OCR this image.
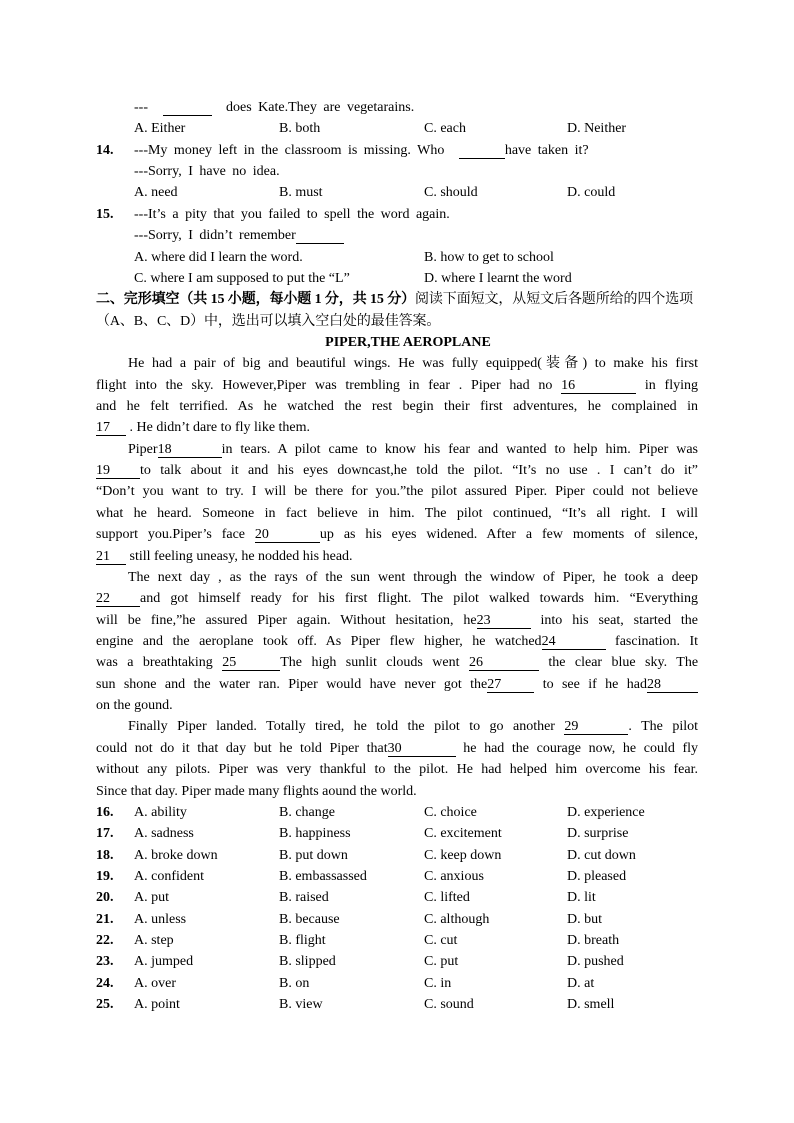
---	does Kate.They are vegetarains.
A. Either	B. both	C. each	D. Neither
14.	---My money left in the classroom is missing. Who	have taken it?
---Sorry, I have no idea.
A. need	B. must	C. should	D. could
15.	---It’s a pity that you failed to spell the word again.
---Sorry, I didn’t remember
A. where did I learn the word.	B. how to get to school
C. where I am supposed to put the “L”	D. where I learnt the word
二、完形填空（共 15 小题，每小题 1 分，共 15 分）阅读下面短文，从短文后各题所给的四个选项
（A、B、C、D）中，选出可以填入空白处的最佳答案。
PIPER,THE AEROPLANE
He had a pair of big and beautiful wings. He was fully equipped(装备) to make his first
flight into the sky. However,Piper was trembling in fear . Piper had no 16	in flying
and he felt terrified. As he watched the rest begin their first adventures, he complained in
17 . He didn’t dare to fly like them.
Piper18	in tears. A pilot came to know his fear and wanted to help him. Piper was
19 to talk about it and his eyes downcast,he told the pilot. “It’s no use . I can’t do it”
“Don’t you want to try. I will be there for you.”the pilot assured Piper. Piper could not believe
what he heard. Someone in fact believe in him. The pilot continued, “It’s all right. I will
support you.Piper’s face 20	up as his eyes widened. After a few moments of silence,
21 still feeling uneasy, he nodded his head.
The next day , as the rays of the sun went through the window of Piper, he took a deep
22 and got himself ready for his first flight. The pilot walked towards him. “Everything
will be fine,”he assured Piper again. Without hesitation, he23	into his seat, started the
engine and the aeroplane took off. As Piper flew higher, he watched24	fascination. It
was a breathtaking 25	The high sunlit clouds went 26	the clear blue sky. The
sun shone and the water ran. Piper would have never got the27	to see if he had28
on the gound.
Finally Piper landed. Totally tired, he told the pilot to go another 29	. The pilot
could not do it that day but he told Piper that30	he had the courage now, he could fly
without any pilots. Piper was very thankful to the pilot. He had helped him overcome his fear.
Since that day. Piper made many flights aound the world.
16.	A. ability	B. change	C. choice	D. experience
17.	A. sadness	B. happiness	C. excitement	D. surprise
18.	A. broke down	B. put down	C. keep down	D. cut down
19.	A. confident	B. embassassed	C. anxious	D. pleased
20.	A. put	B. raised	C. lifted	D. lit
21.	A. unless	B. because	C. although	D. but
22.	A. step	B. flight	C. cut	D. breath
23.	A. jumped	B. slipped	C. put	D. pushed
24.	A. over	B. on	C. in	D. at
25.	A. point	B. view	C. sound	D. smell
